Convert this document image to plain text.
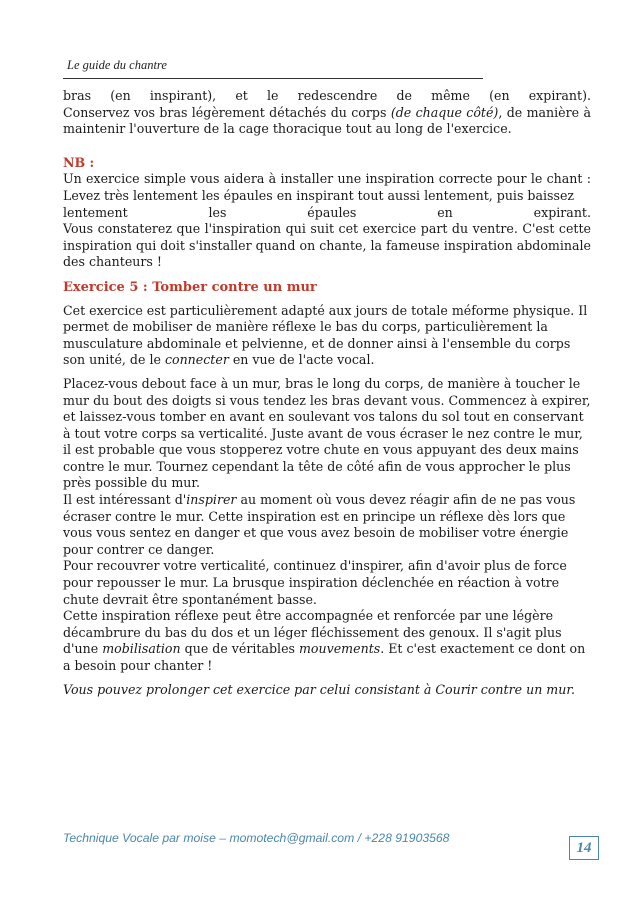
Le guide du chantre

bras (en inspirant), et le redescendre de même (en expirant).

Conservez vos bras légèrement détachés du corps (de chaque côté), de manière à maintenir l'ouverture de la cage thoracique tout au long de l'exercice.

NB :

Un exercice simple vous aidera à installer une inspiration correcte pour le chant : Levez très lentement les épaules en inspirant tout aussi lentement, puis baissez

lentement les épaules en expirant.

Vous constaterez que l'inspiration qui suit cet exercice part du ventre. C'est cette inspiration qui doit s'installer quand on chante, la fameuse inspiration abdominale des chanteurs !

Exercice 5 : Tomber contre un mur

Cet exercice est particulièrement adapté aux jours de totale méforme physique. Il permet de mobiliser de manière réflexe le bas du corps, particulièrement la musculature abdominale et pelvienne, et de donner ainsi à l'ensemble du corps son unité, de le connecter en vue de l'acte vocal.

Placez-vous debout face à un mur, bras le long du corps, de manière à toucher le mur du bout des doigts si vous tendez les bras devant vous. Commencez à expirer, et laissez-vous tomber en avant en soulevant vos talons du sol tout en conservant à tout votre corps sa verticalité. Juste avant de vous écraser le nez contre le mur, il est probable que vous stopperez votre chute en vous appuyant des deux mains contre le mur. Tournez cependant la tête de côté afin de vous approcher le plus près possible du mur.

Il est intéressant d'inspirer au moment où vous devez réagir afin de ne pas vous écraser contre le mur. Cette inspiration est en principe un réflexe dès lors que vous vous sentez en danger et que vous avez besoin de mobiliser votre énergie pour contrer ce danger.

Pour recouvrer votre verticalité, continuez d'inspirer, afin d'avoir plus de force pour repousser le mur. La brusque inspiration déclenchée en réaction à votre chute devrait être spontanément basse.

Cette inspiration réflexe peut être accompagnée et renforcée par une légère décambrure du bas du dos et un léger fléchissement des genoux. Il s'agit plus d'une mobilisation que de véritables mouvements. Et c'est exactement ce dont on a besoin pour chanter !

Vous pouvez prolonger cet exercice par celui consistant à Courir contre un mur.

Technique Vocale par moise – momotech@gmail.com / +228 91903568
14
